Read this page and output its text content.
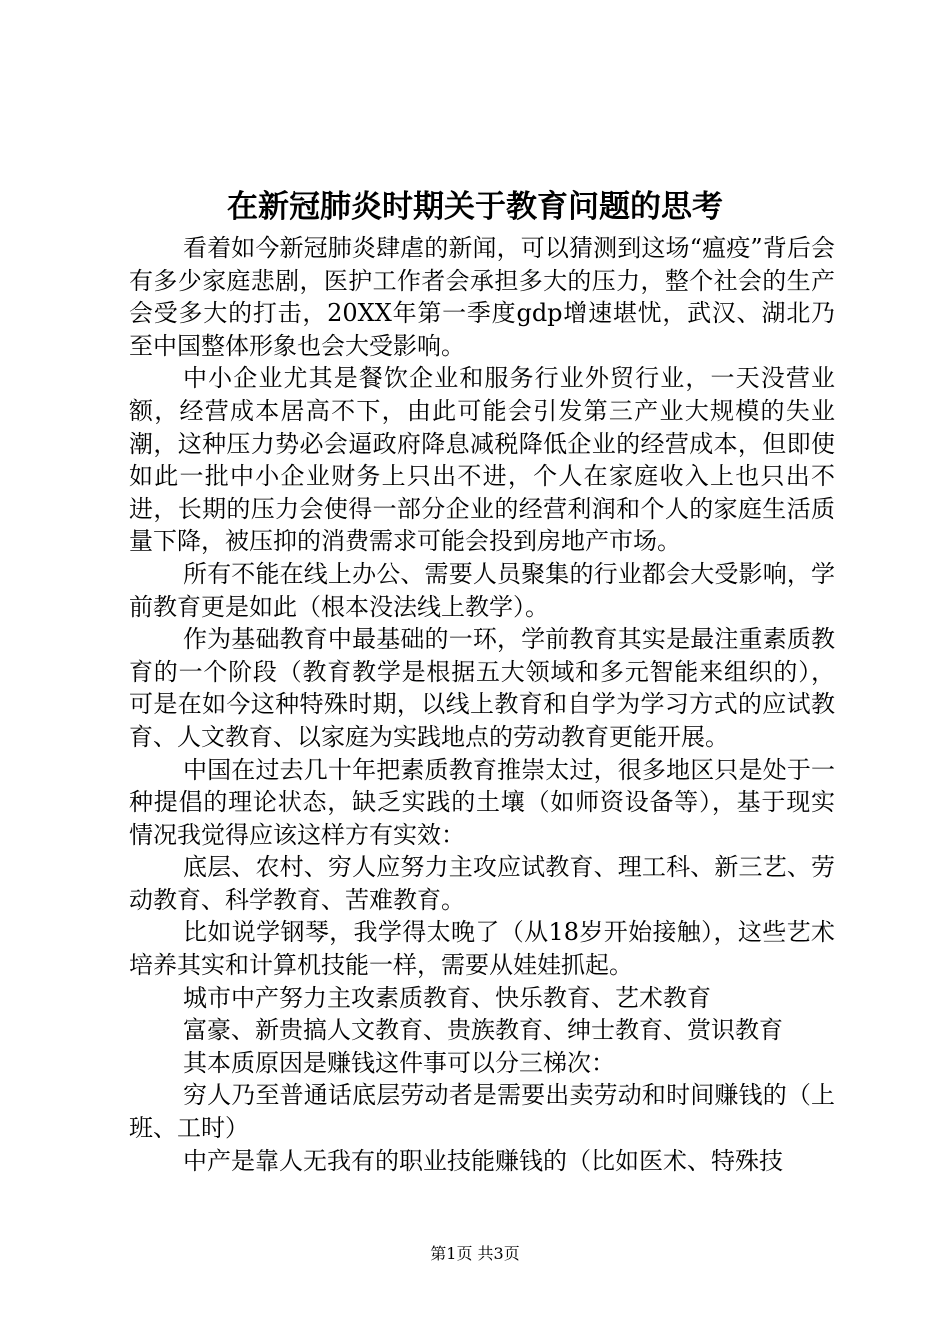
在新冠肺炎时期关于教育问题的思考

看着如今新冠肺炎肆虐的新闻，可以猜测到这场“瘟疫”背后会有多少家庭悲剧，医护工作者会承担多大的压力，整个社会的生产会受多大的打击，20XX年第一季度gdp增速堪忧，武汉、湖北乃至中国整体形象也会大受影响。

中小企业尤其是餐饮企业和服务行业外贸行业，一天没营业额，经营成本居高不下，由此可能会引发第三产业大规模的失业潮，这种压力势必会逼政府降息减税降低企业的经营成本，但即使如此一批中小企业财务上只出不进，个人在家庭收入上也只出不进，长期的压力会使得一部分企业的经营利润和个人的家庭生活质量下降，被压抑的消费需求可能会投到房地产市场。

所有不能在线上办公、需要人员聚集的行业都会大受影响，学前教育更是如此（根本没法线上教学）。

作为基础教育中最基础的一环，学前教育其实是最注重素质教育的一个阶段（教育教学是根据五大领域和多元智能来组织的），可是在如今这种特殊时期，以线上教育和自学为学习方式的应试教育、人文教育、以家庭为实践地点的劳动教育更能开展。

中国在过去几十年把素质教育推崇太过，很多地区只是处于一种提倡的理论状态，缺乏实践的土壤（如师资设备等），基于现实情况我觉得应该这样方有实效：

底层、农村、穷人应努力主攻应试教育、理工科、新三艺、劳动教育、科学教育、苦难教育。

比如说学钢琴，我学得太晚了（从18岁开始接触），这些艺术培养其实和计算机技能一样，需要从娃娃抓起。

城市中产努力主攻素质教育、快乐教育、艺术教育

富豪、新贵搞人文教育、贵族教育、绅士教育、赏识教育

其本质原因是赚钱这件事可以分三梯次：

穷人乃至普通话底层劳动者是需要出卖劳动和时间赚钱的（上班、工时）

中产是靠人无我有的职业技能赚钱的（比如医术、特殊技

第1页 共3页
